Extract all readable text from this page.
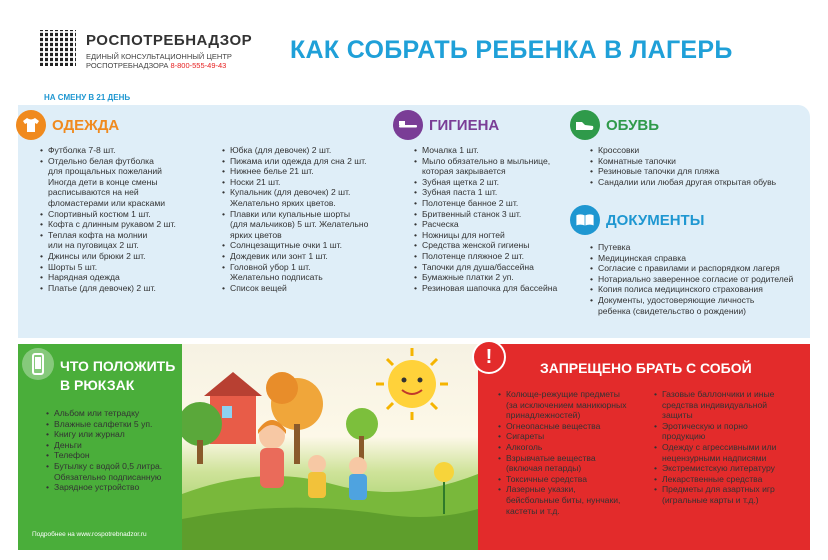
РОСПОТРЕБНАДЗОР
ЕДИНЫЙ КОНСУЛЬТАЦИОННЫЙ ЦЕНТР
РОСПОТРЕБНАДЗОРА 8-800-555-49-43
КАК СОБРАТЬ РЕБЕНКА В ЛАГЕРЬ
НА СМЕНУ В 21 ДЕНЬ
ОДЕЖДА
• Футболка 7-8 шт.
• Отдельно белая футболка
для прощальных пожеланий
Иногда дети в конце смены
расписываются на ней
фломастерами или красками
• Спортивный костюм 1 шт.
• Кофта с длинным рукавом 2 шт.
• Теплая кофта на молнии
или на пуговицах 2 шт.
• Джинсы или брюки 2 шт.
• Шорты 5 шт.
• Нарядная одежда
• Платье (для девочек) 2 шт.
• Юбка (для девочек) 2 шт.
• Пижама или одежда для сна 2 шт.
• Нижнее белье 21 шт.
• Носки 21 шт.
• Купальник (для девочек) 2 шт.
Желательно ярких цветов.
• Плавки или купальные шорты
(для мальчиков) 5 шт. Желательно
ярких цветов
• Солнцезащитные очки 1 шт.
• Дождевик или зонт 1 шт.
• Головной убор 1 шт.
Желательно подписать
• Список вещей
ГИГИЕНА
• Мочалка 1 шт.
• Мыло обязательно в мыльнице,
которая закрывается
• Зубная щетка 2 шт.
• Зубная паста 1 шт.
• Полотенце банное 2 шт.
• Бритвенный станок 3 шт.
• Расческа
• Ножницы для ногтей
• Средства женской гигиены
• Полотенце пляжное 2 шт.
• Тапочки для душа/бассейна
• Бумажные платки 2 уп.
• Резиновая шапочка для бассейна
ОБУВЬ
• Кроссовки
• Комнатные тапочки
• Резиновые тапочки для пляжа
• Сандалии или любая другая открытая обувь
ДОКУМЕНТЫ
• Путевка
• Медицинская справка
• Согласие с правилами и распорядком лагеря
• Нотариально заверенное согласие от родителей
• Копия полиса медицинского страхования
• Документы, удостоверяющие личность
ребенка (свидетельство о рождении)
ЧТО ПОЛОЖИТЬ
В РЮКЗАК
• Альбом или тетрадку
• Влажные салфетки 5 уп.
• Книгу или журнал
• Деньги
• Телефон
• Бутылку с водой 0,5 литра.
Обязательно подписанную
• Зарядное устройство
Подробнее на www.rospotrebnadzor.ru
!
ЗАПРЕЩЕНО БРАТЬ С СОБОЙ
• Колюще-режущие предметы
(за исключением маникюрных
принадлежностей)
• Огнеопасные вещества
• Сигареты
• Алкоголь
• Взрывчатые вещества
(включая петарды)
• Токсичные средства
• Лазерные указки,
бейсбольные биты, нунчаки,
кастеты и т.д.
• Газовые баллончики и иные
средства индивидуальной
защиты
• Эротическую и порно
продукцию
• Одежду с агрессивными или
нецензурными надписями
• Экстремистскую литературу
• Лекарственные средства
• Предметы для азартных игр
(игральные карты и т.д.)
